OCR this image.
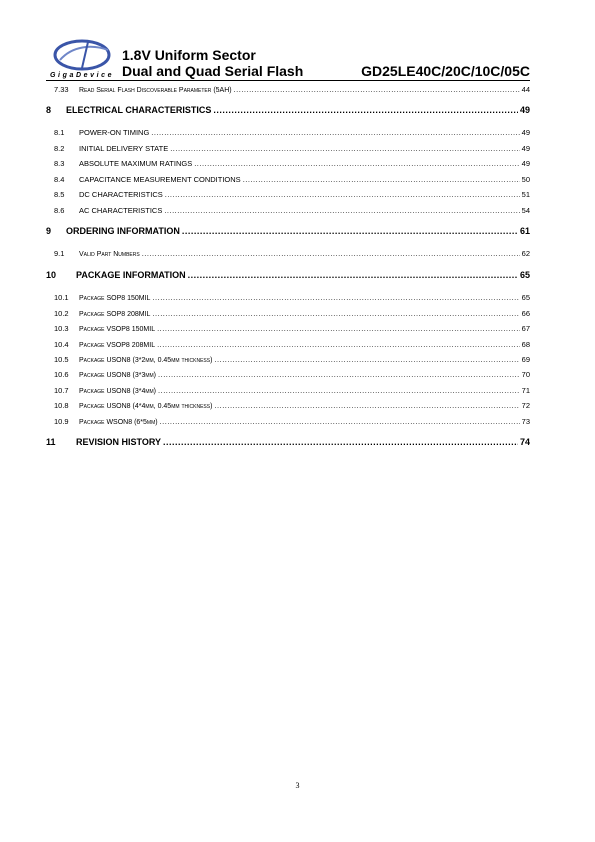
GigaDevice
1.8V Uniform Sector
Dual and Quad Serial Flash	GD25LE40C/20C/10C/05C
7.33	Read Serial Flash Discoverable Parameter (5AH) .....	44
8	ELECTRICAL CHARACTERISTICS .....	49
8.1	POWER-ON TIMING .....	49
8.2	INITIAL DELIVERY STATE .....	49
8.3	ABSOLUTE MAXIMUM RATINGS .....	49
8.4	CAPACITANCE MEASUREMENT CONDITIONS .....	50
8.5	DC CHARACTERISTICS .....	51
8.6	AC CHARACTERISTICS .....	54
9	ORDERING INFORMATION .....	61
9.1	Valid Part Numbers .....	62
10	PACKAGE INFORMATION .....	65
10.1	Package SOP8 150MIL .....	65
10.2	Package SOP8 208MIL .....	66
10.3	Package VSOP8 150MIL .....	67
10.4	Package VSOP8 208MIL .....	68
10.5	Package USON8 (3*2mm, 0.45mm thickness) .....	69
10.6	Package USON8 (3*3mm) .....	70
10.7	Package USON8 (3*4mm) .....	71
10.8	Package USON8 (4*4mm, 0.45mm thickness) .....	72
10.9	Package WSON8 (6*5mm) .....	73
11	REVISION HISTORY .....	74
3
